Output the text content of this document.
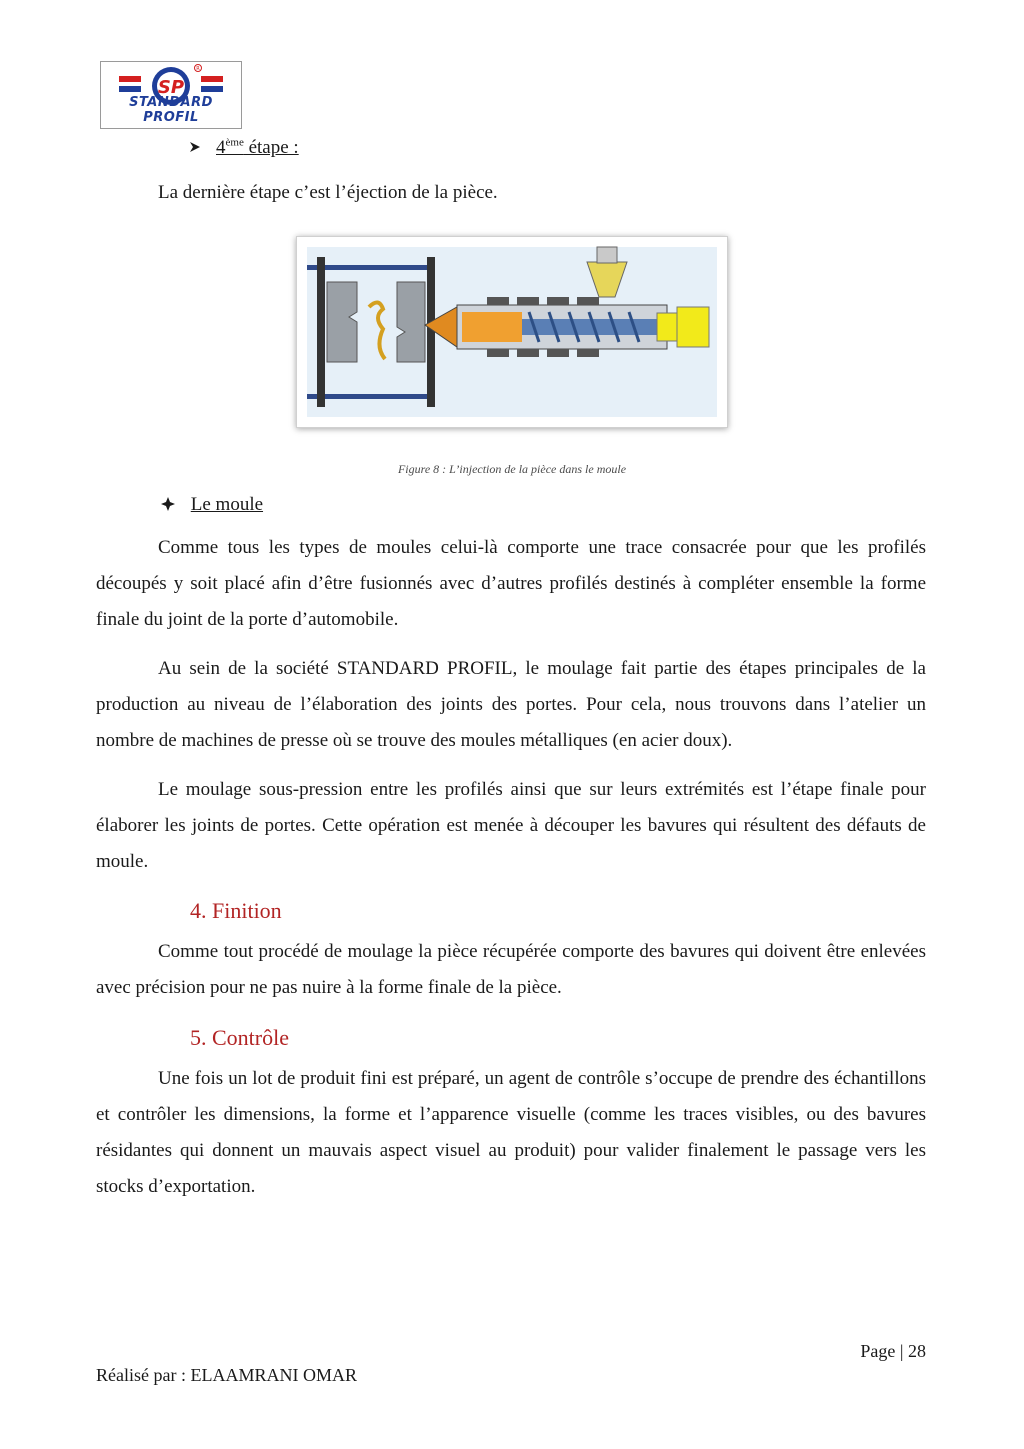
SP
R
STANDARD PROFIL
4ème étape :

La dernière étape c’est l’éjection de la pièce.

Figure 8 : L’injection de la pièce dans le moule
Le moule

Comme tous les types de moules celui-là comporte une trace consacrée pour que les profilés découpés y soit placé afin d’être fusionnés avec d’autres profilés destinés à compléter ensemble la forme finale du joint de la porte d’automobile.

Au sein de la société STANDARD PROFIL, le moulage fait partie des étapes principales de la production au niveau de l’élaboration des joints des portes. Pour cela, nous trouvons dans l’atelier un nombre de machines de presse où se trouve des moules métalliques (en acier doux).

Le moulage sous-pression entre les profilés ainsi que sur leurs extrémités est l’étape finale pour élaborer les joints de portes. Cette opération est menée à découper les bavures qui résultent des défauts de moule.

4. Finition

Comme tout procédé de moulage la pièce récupérée comporte des bavures qui doivent être enlevées avec précision pour ne pas nuire à la forme finale de la pièce.

5. Contrôle

Une fois un lot de produit fini est préparé, un agent de contrôle s’occupe de prendre des échantillons et contrôler les dimensions, la forme et l’apparence visuelle (comme les traces visibles, ou des bavures résidantes qui donnent un mauvais aspect visuel au produit) pour valider finalement le passage vers les stocks d’exportation.

Page | 28
Réalisé par : ELAAMRANI OMAR
